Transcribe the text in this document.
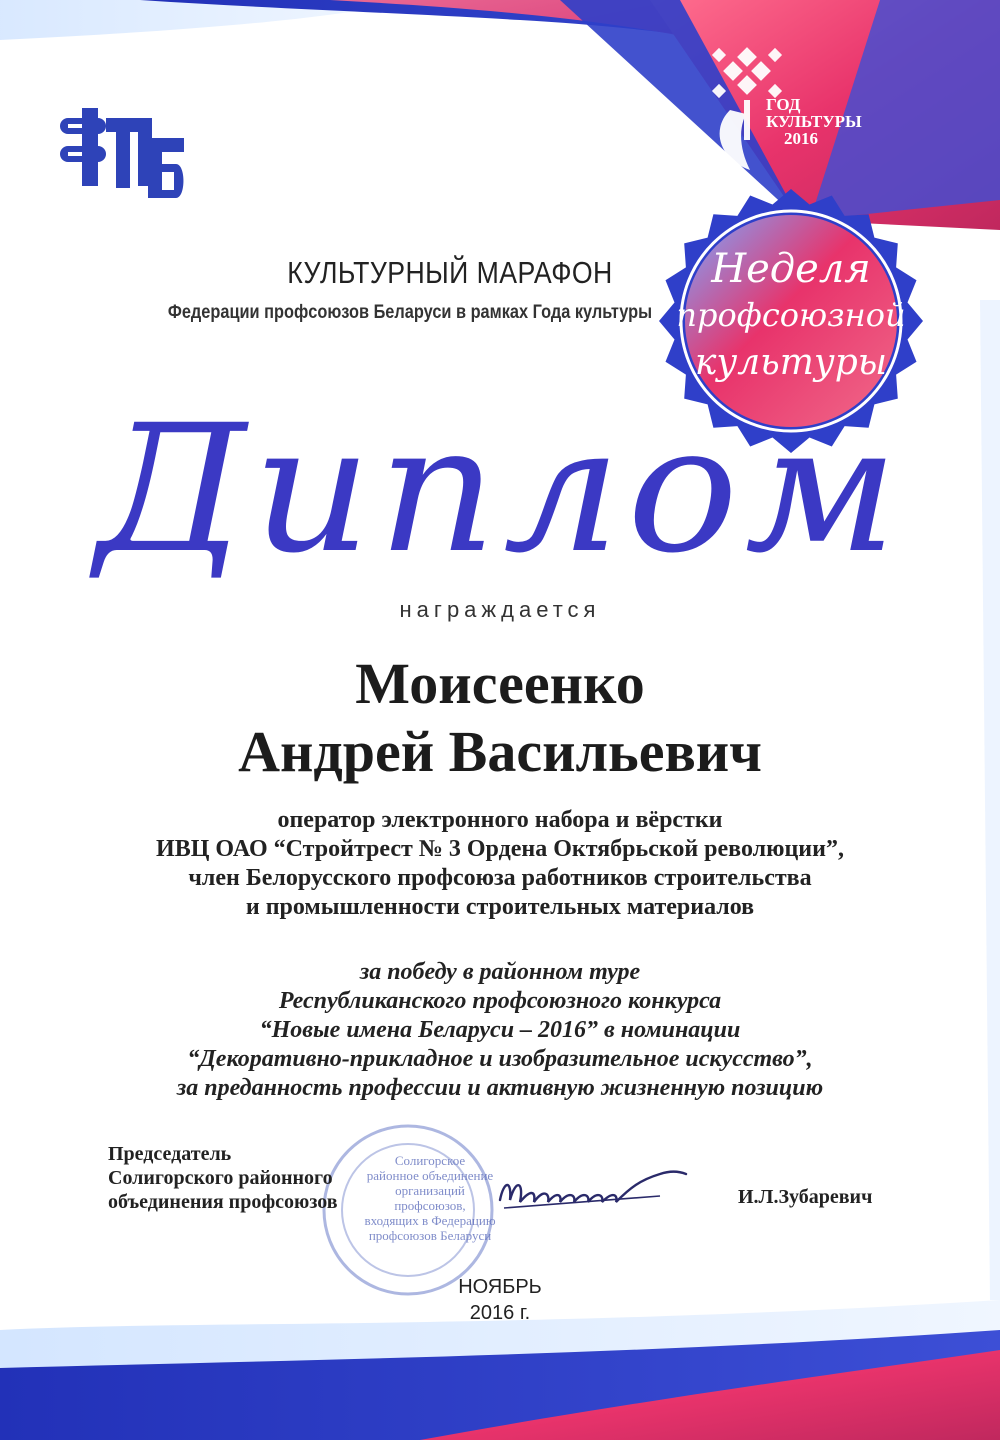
ГОД
КУЛЬТУРЫ
2016
Неделя
профсоюзной
культуры
КУЛЬТУРНЫЙ МАРАФОН
Федерации профсоюзов Беларуси в рамках Года культуры
Диплом
награждается
Моисеенко
Андрей Васильевич
оператор электронного набора и вёрстки
ИВЦ ОАО “Стройтрест № 3 Ордена Октябрьской революции”,
член Белорусского профсоюза работников строительства
и промышленности строительных материалов
за победу в районном туре
Республиканского профсоюзного конкурса
“Новые имена Беларуси – 2016” в номинации
“Декоративно-прикладное и изобразительное искусство”,
за преданность профессии и активную жизненную позицию
Солигорское
районное объединение
организаций профсоюзов,
входящих в Федерацию
профсоюзов Беларуси
Председатель
Солигорского районного
объединения профсоюзов	И.Л.Зубаревич
НОЯБРЬ
2016 г.
